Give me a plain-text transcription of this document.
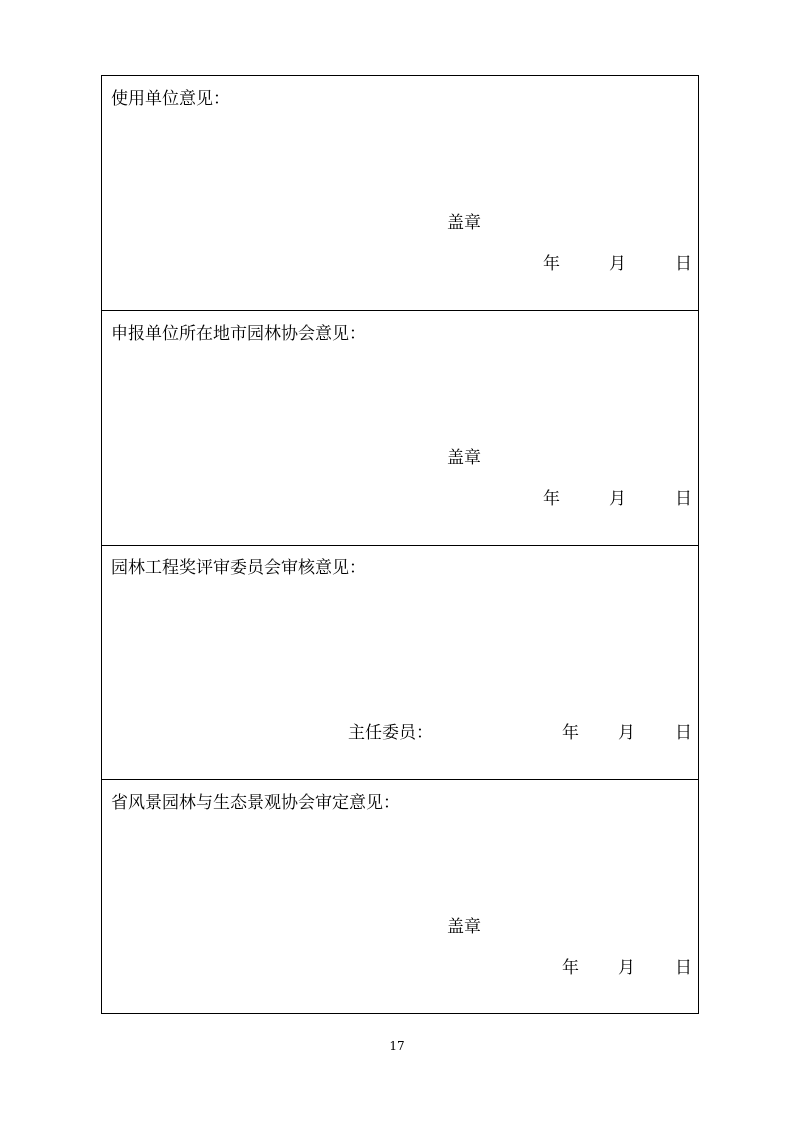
使用单位意见：
盖章
年	月	日
申报单位所在地市园林协会意见：
盖章
年	月	日
园林工程奖评审委员会审核意见：
主任委员：	年 月 日
省风景园林与生态景观协会审定意见：
盖章
年 月 日
17
